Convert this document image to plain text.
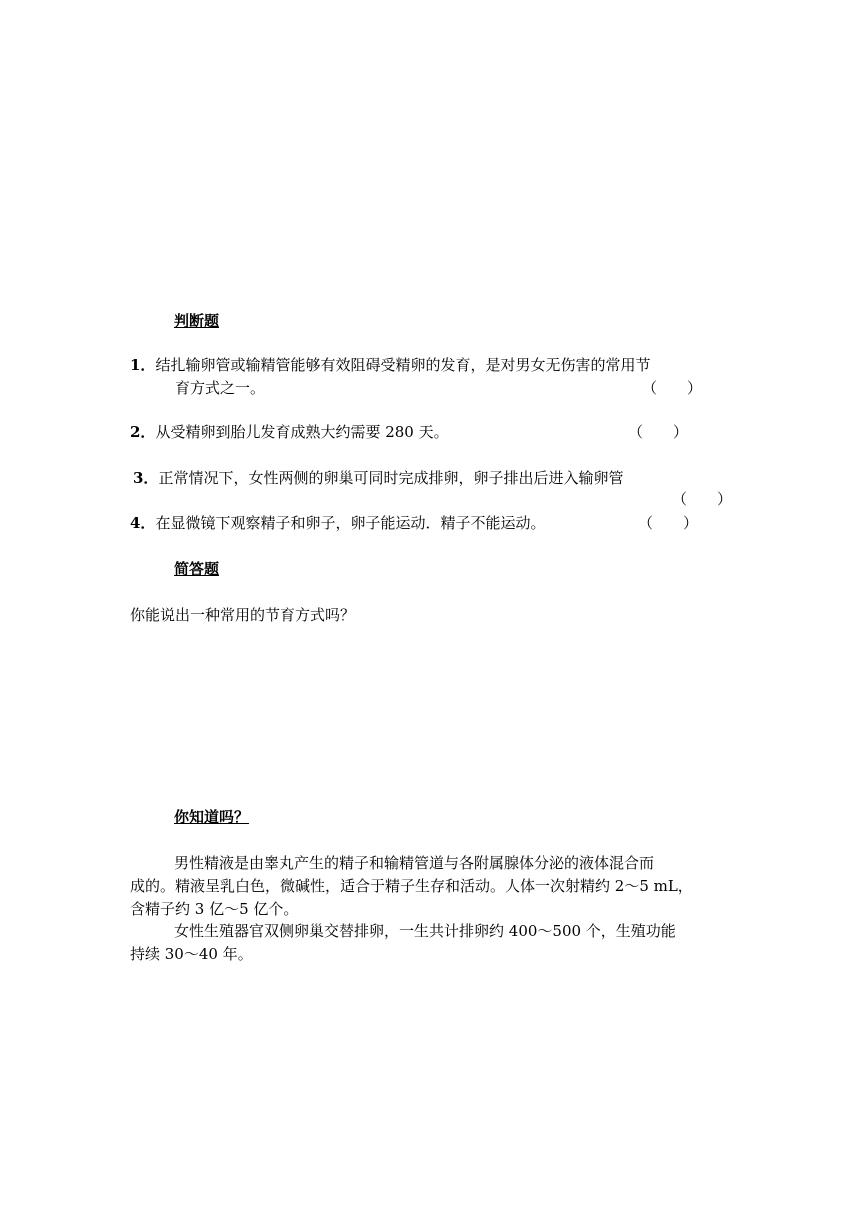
判断题
1．结扎输卵管或输精管能够有效阻碍受精卵的发育，是对男女无伤害的常用节
育方式之一。	（　　）
2．从受精卵到胎儿发育成熟大约需要 280 天。	（　　）
3．正常情况下，女性两侧的卵巢可同时完成排卵，卵子排出后进入输卵管
（　　）
4．在显微镜下观察精子和卵子，卵子能运动．精子不能运动。	（　　）
简答题
你能说出一种常用的节育方式吗？
你知道吗？
男性精液是由睾丸产生的精子和输精管道与各附属腺体分泌的液体混合而
成的。精液呈乳白色，微碱性，适合于精子生存和活动。人体一次射精约 2～5 mL，
含精子约 3 亿～5 亿个。
女性生殖器官双侧卵巢交替排卵，一生共计排卵约 400～500 个，生殖功能
持续 30～40 年。
